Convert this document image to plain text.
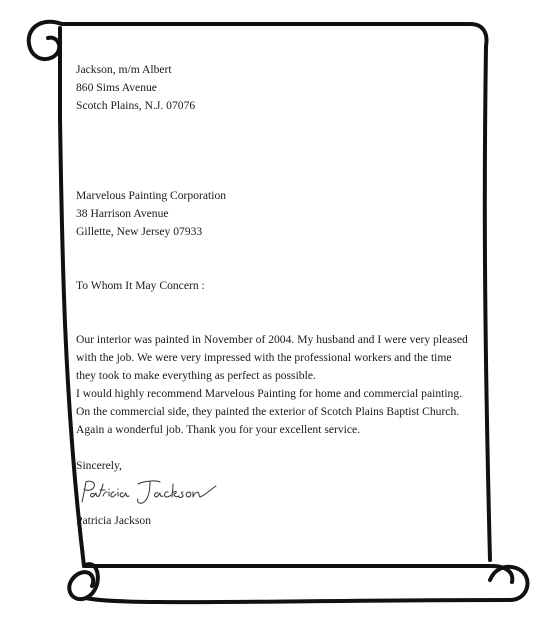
Jackson, m/m Albert
860 Sims Avenue
Scotch Plains, N.J. 07076
Marvelous Painting Corporation
38 Harrison Avenue
Gillette, New Jersey 07933
To Whom It May Concern :
Our interior was painted in November of 2004. My husband and I were very pleased
with the job. We were very impressed with the professional workers and the time
they took to make everything as perfect as possible.
I would highly recommend Marvelous Painting for home and commercial painting.
On the commercial side, they painted the exterior of Scotch Plains Baptist Church.
Again a wonderful job. Thank you for your excellent service.
Sincerely,
Patricia Jackson
